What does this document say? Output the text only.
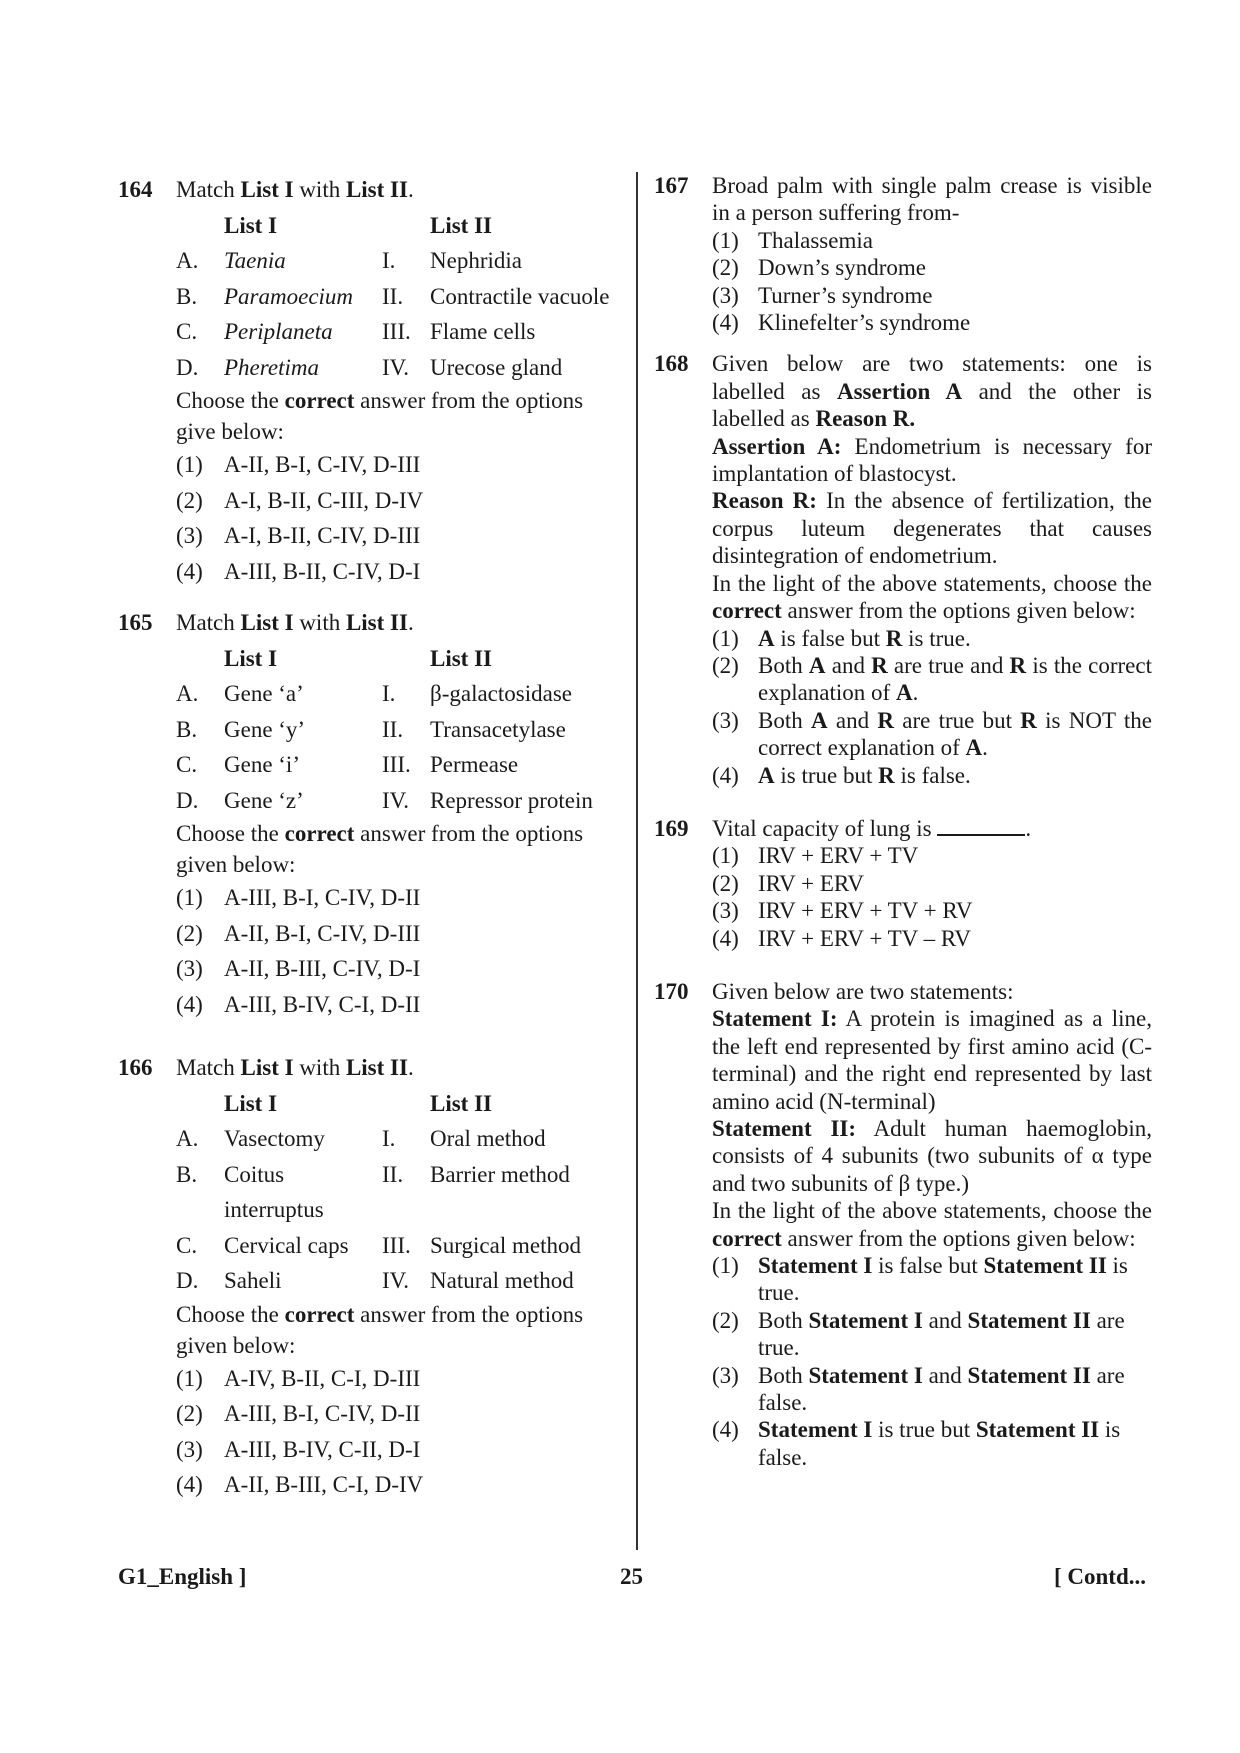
164 Match List I with List II.
List I	List II
A.	Taenia	I.	Nephridia
B.	Paramoecium	II.	Contractile vacuole
C.	Periplaneta	III. Flame cells
D.	Pheretima	IV. Urecose gland
Choose the correct answer from the options give below:
(1) A-II, B-I, C-IV, D-III
(2) A-I, B-II, C-III, D-IV
(3) A-I, B-II, C-IV, D-III
(4) A-III, B-II, C-IV, D-I
165 Match List I with List II.
List I	List II
A.	Gene ‘a’	I.	β-galactosidase
B.	Gene ‘y’	II.	Transacetylase
C.	Gene ‘i’	III. Permease
D.	Gene ‘z’	IV. Repressor protein
Choose the correct answer from the options given below:
(1) A-III, B-I, C-IV, D-II
(2) A-II, B-I, C-IV, D-III
(3) A-II, B-III, C-IV, D-I
(4) A-III, B-IV, C-I, D-II
166 Match List I with List II.
List I	List II
A.	Vasectomy	I.	Oral method
B.	Coitus	II.	Barrier method
interruptus
C.	Cervical caps	III. Surgical method
D.	Saheli	IV. Natural method
Choose the correct answer from the options given below:
(1) A-IV, B-II, C-I, D-III
(2) A-III, B-I, C-IV, D-II
(3) A-III, B-IV, C-II, D-I
(4) A-II, B-III, C-I, D-IV
167 Broad palm with single palm crease is visible in a person suffering from-
(1) Thalassemia
(2) Down’s syndrome
(3) Turner’s syndrome
(4) Klinefelter’s syndrome
168 Given below are two statements: one is labelled as Assertion A and the other is labelled as Reason R.
Assertion A: Endometrium is necessary for implantation of blastocyst.
Reason R: In the absence of fertilization, the corpus luteum degenerates that causes disintegration of endometrium.
In the light of the above statements, choose the correct answer from the options given below:
(1) A is false but R is true.
(2) Both A and R are true and R is the correct explanation of A.
(3) Both A and R are true but R is NOT the correct explanation of A.
(4) A is true but R is false.
169 Vital capacity of lung is	.
(1) IRV + ERV + TV
(2) IRV + ERV
(3) IRV + ERV + TV + RV
(4) IRV + ERV + TV – RV
170 Given below are two statements:
Statement I: A protein is imagined as a line, the left end represented by first amino acid (C-terminal) and the right end represented by last amino acid (N-terminal)
Statement II: Adult human haemoglobin, consists of 4 subunits (two subunits of α type and two subunits of β type.)
In the light of the above statements, choose the correct answer from the options given below:
(1) Statement I is false but Statement II is true.
(2) Both Statement I and Statement II are true.
(3) Both Statement I and Statement II are false.
(4) Statement I is true but Statement II is false.
G1_English ]	25	[ Contd...
